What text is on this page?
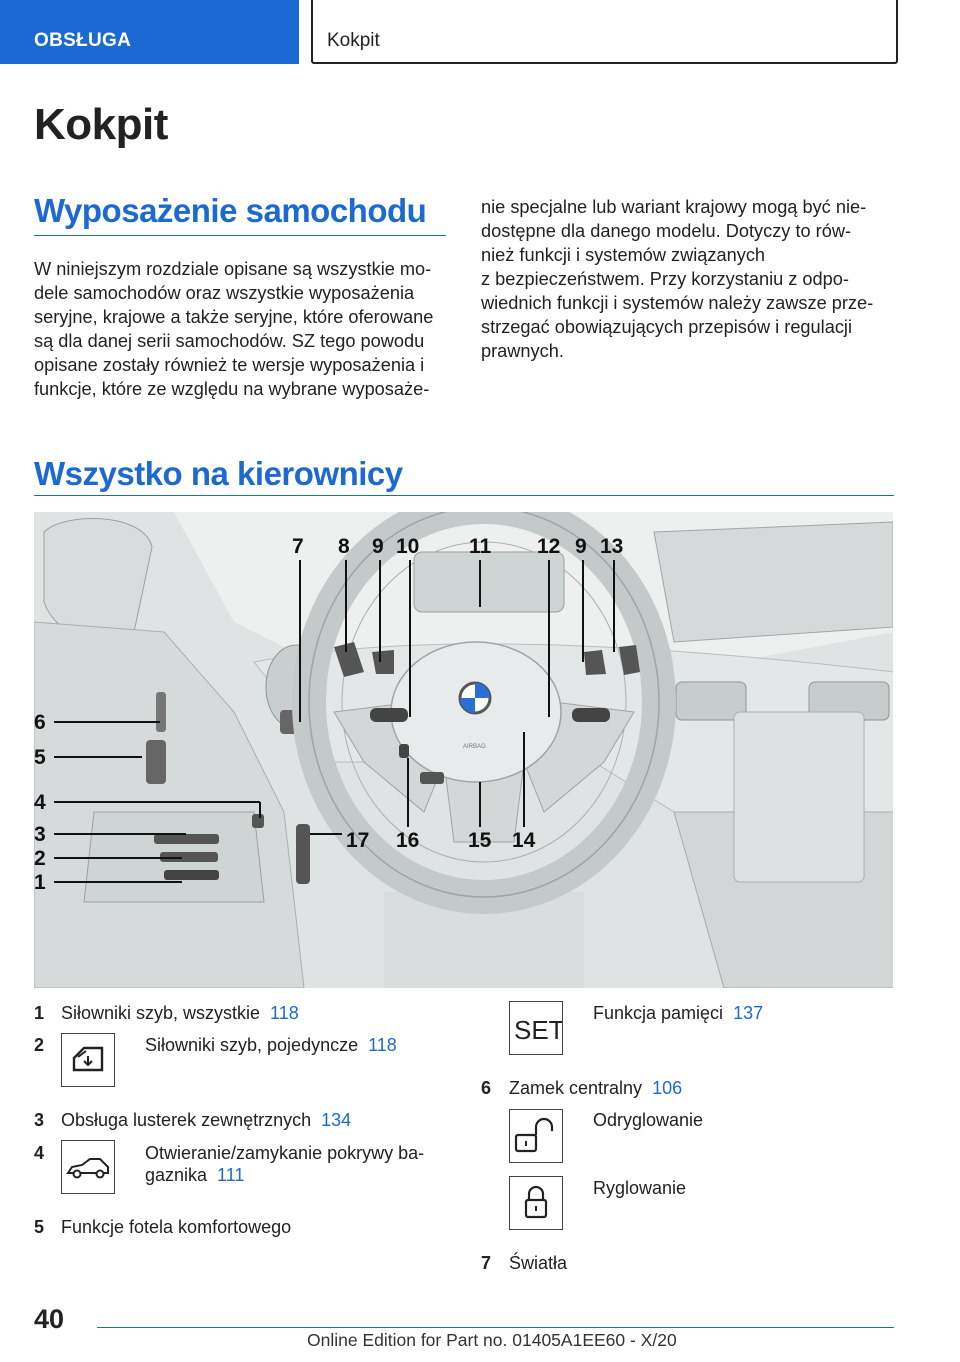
OBSŁUGA	Kokpit
Kokpit
Wyposażenie samochodu

W niniejszym rozdziale opisane są wszystkie mo-

dele samochodów oraz wszystkie wyposażenia

seryjne, krajowe a także seryjne, które oferowane

są dla danej serii samochodów. SZ tego powodu

opisane zostały również te wersje wyposażenia i

funkcje, które ze względu na wybrane wyposaże-

nie specjalne lub wariant krajowy mogą być nie-

dostępne dla danego modelu. Dotyczy to rów-

nież funkcji i systemów związanych

z bezpieczeństwem. Przy korzystaniu z odpo-

wiednich funkcji i systemów należy zawsze prze-

strzegać obowiązujących przepisów i regulacji

prawnych.

Wszystko na kierownicy
AIRBAG
6
5
4
3
2
1
7 8 9 10 11 12 9 13
14
15
16
17
1 Siłowniki szyb, wszystkie 118
2	Siłowniki szyb, pojedyncze 118
3 Obsługa lusterek zewnętrznych 134
4	Otwieranie/zamykanie pokrywy ba-
gaznika 111
5 Funkcje fotela komfortowego
SET
Funkcja pamięci 137
6 Zamek centralny 106
Odryglowanie
Ryglowanie
7 Światła
40
Online Edition for Part no. 01405A1EE60 - X/20
